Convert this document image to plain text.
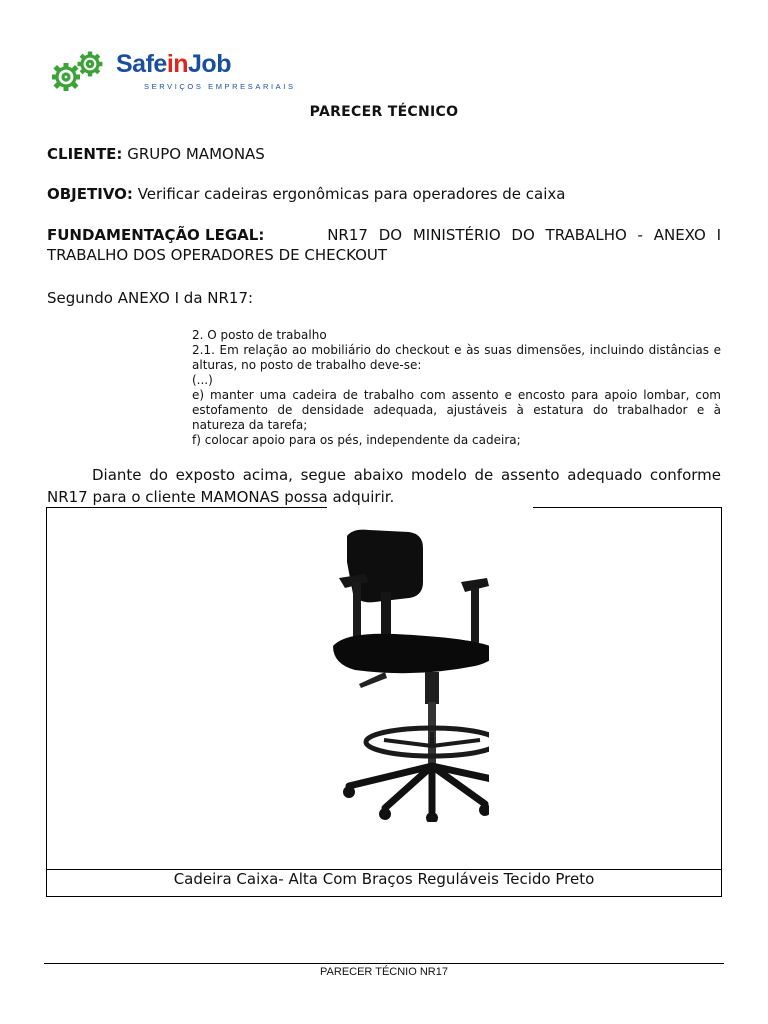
SafeinJob
SERVIÇOS EMPRESARIAIS
PARECER TÉCNICO
CLIENTE: GRUPO MAMONAS
OBJETIVO: Verificar cadeiras ergonômicas para operadores de caixa
FUNDAMENTAÇÃO LEGAL:	NR17 DO MINISTÉRIO DO TRABALHO - ANEXO I
TRABALHO DOS OPERADORES DE CHECKOUT
Segundo ANEXO I da NR17:

2. O posto de trabalho

2.1. Em relação ao mobiliário do checkout e às suas dimensões, incluindo distâncias e alturas, no posto de trabalho deve-se:

(...)

e) manter uma cadeira de trabalho com assento e encosto para apoio lombar, com estofamento de densidade adequada, ajustáveis à estatura do trabalhador e à natureza da tarefa;

f) colocar apoio para os pés, independente da cadeira;

Diante do exposto acima, segue abaixo modelo de assento adequado conforme NR17 para o cliente MAMONAS possa adquirir.
Cadeira Caixa- Alta Com Braços Reguláveis Tecido Preto
PARECER TÉCNIO NR17
